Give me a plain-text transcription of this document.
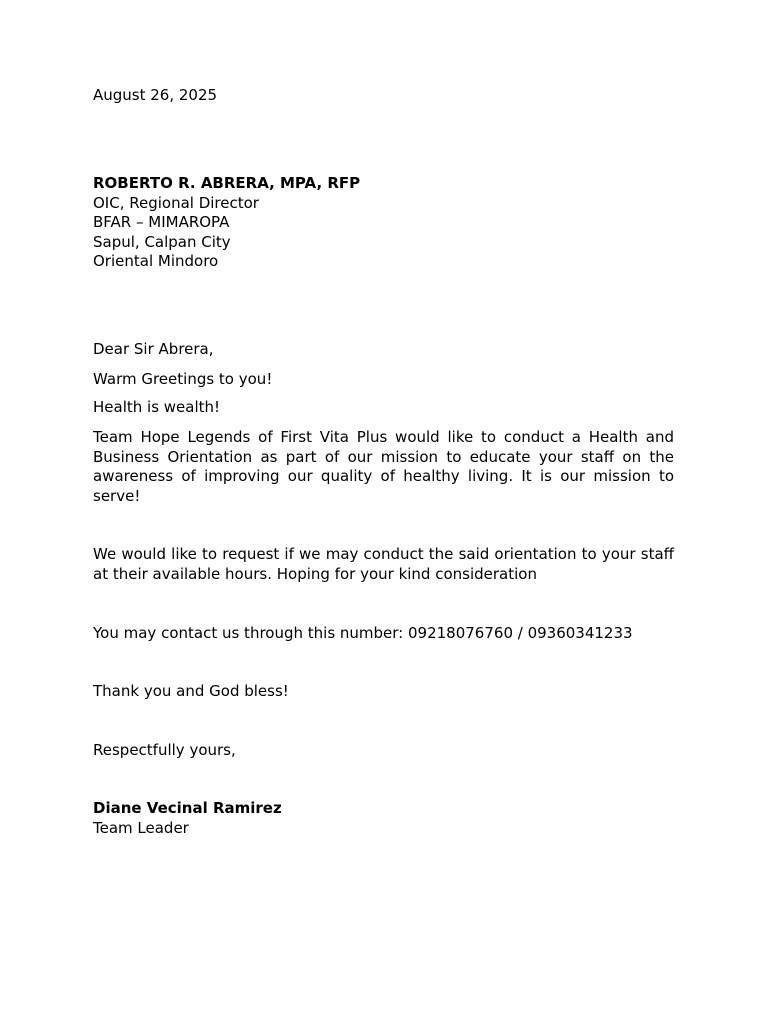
August 26, 2025

ROBERTO R. ABRERA, MPA, RFP
OIC, Regional Director
BFAR – MIMAROPA
Sapul, Calpan City
Oriental Mindoro

Dear Sir Abrera,

Warm Greetings to you!

Health is wealth!

Team Hope Legends of First Vita Plus would like to conduct a Health and Business Orientation as part of our mission to educate your staff on the awareness of improving our quality of healthy living. It is our mission to serve!

We would like to request if we may conduct the said orientation to your staff at their available hours. Hoping for your kind consideration

You may contact us through this number: 09218076760 / 09360341233

Thank you and God bless!

Respectfully yours,

Diane Vecinal Ramirez
Team Leader
